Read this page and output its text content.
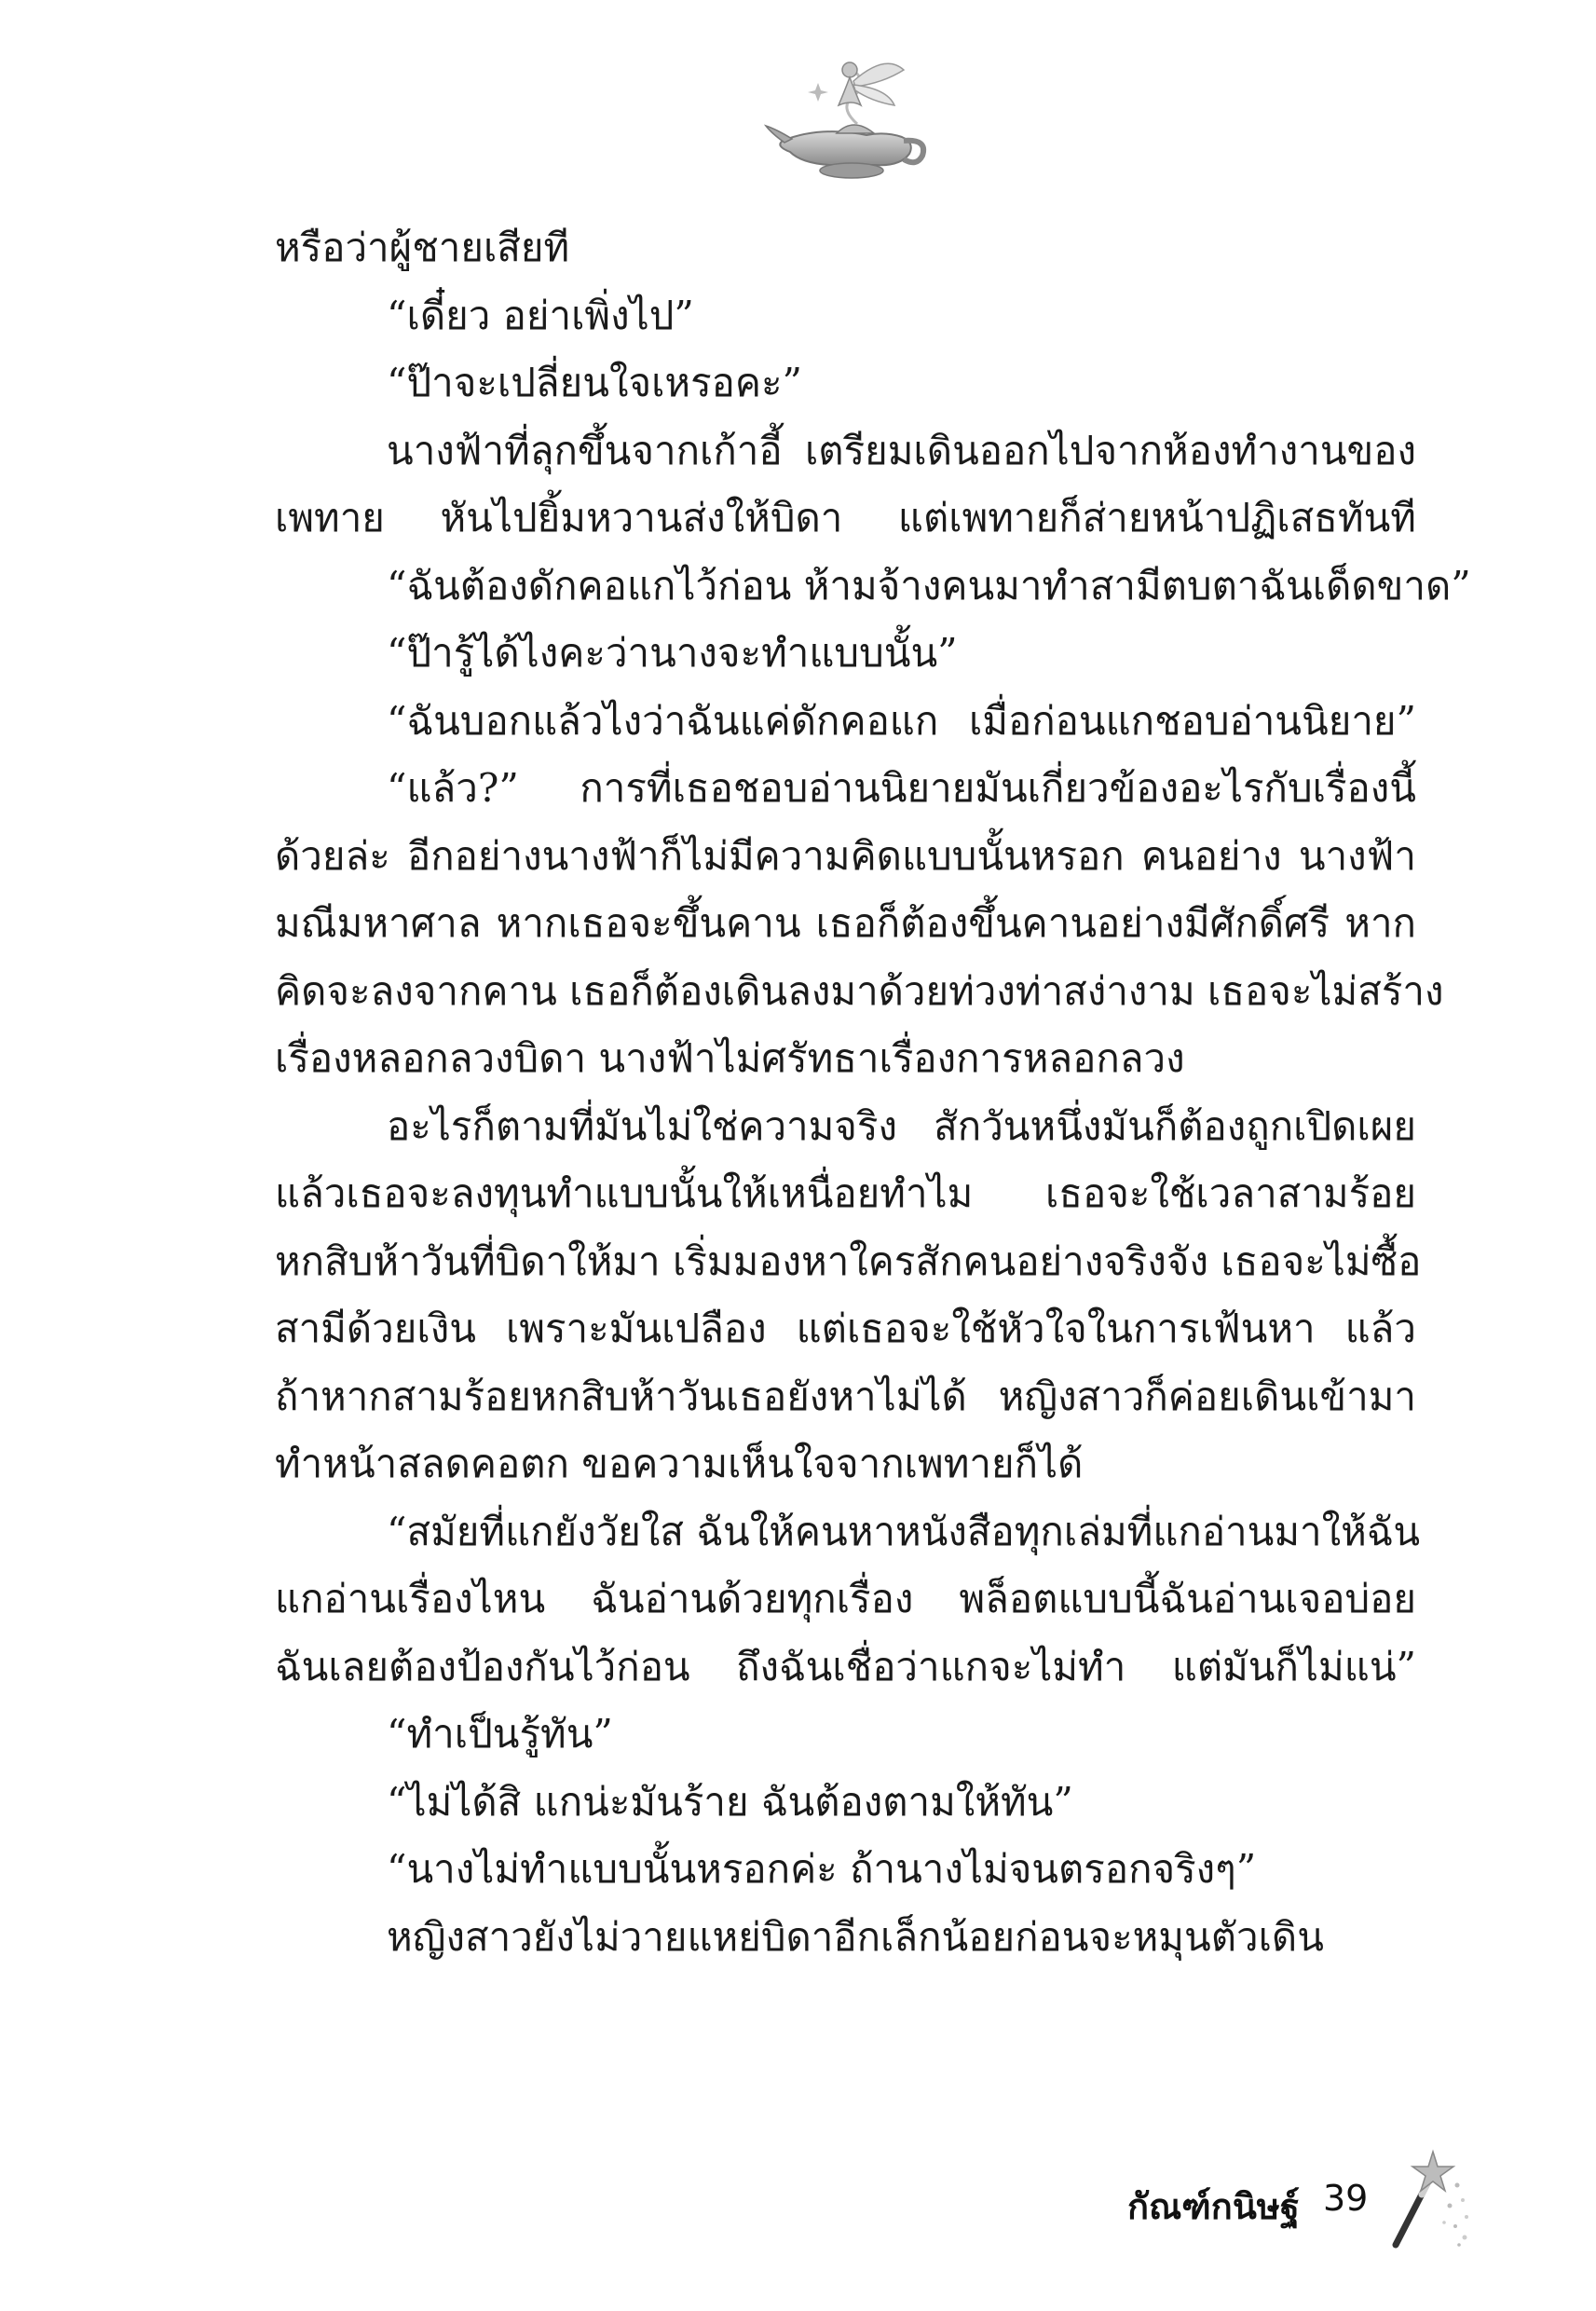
หรือว่าผู้ชายเสียที
“เดี๋ยว อย่าเพิ่งไป”
“ป๊าจะเปลี่ยนใจเหรอคะ”
นางฟ้าที่ลุกขึ้นจากเก้าอี้ เตรียมเดินออกไปจากห้องทำงานของ
เพทาย หันไปยิ้มหวานส่งให้บิดา แต่เพทายก็ส่ายหน้าปฏิเสธทันที
“ฉันต้องดักคอแกไว้ก่อน ห้ามจ้างคนมาทำสามีตบตาฉันเด็ดขาด”
“ป๊ารู้ได้ไงคะว่านางจะทำแบบนั้น”
“ฉันบอกแล้วไงว่าฉันแค่ดักคอแก เมื่อก่อนแกชอบอ่านนิยาย”
“แล้ว?” การที่เธอชอบอ่านนิยายมันเกี่ยวข้องอะไรกับเรื่องนี้
ด้วยล่ะ อีกอย่างนางฟ้าก็ไม่มีความคิดแบบนั้นหรอก คนอย่าง นางฟ้า
มณีมหาศาล หากเธอจะขึ้นคาน เธอก็ต้องขึ้นคานอย่างมีศักดิ์ศรี หาก
คิดจะลงจากคาน เธอก็ต้องเดินลงมาด้วยท่วงท่าสง่างาม เธอจะไม่สร้าง
เรื่องหลอกลวงบิดา นางฟ้าไม่ศรัทธาเรื่องการหลอกลวง
อะไรก็ตามที่มันไม่ใช่ความจริง สักวันหนึ่งมันก็ต้องถูกเปิดเผย
แล้วเธอจะลงทุนทำแบบนั้นให้เหนื่อยทำไม เธอจะใช้เวลาสามร้อย
หกสิบห้าวันที่บิดาให้มา เริ่มมองหาใครสักคนอย่างจริงจัง เธอจะไม่ซื้อ
สามีด้วยเงิน เพราะมันเปลือง แต่เธอจะใช้หัวใจในการเฟ้นหา แล้ว
ถ้าหากสามร้อยหกสิบห้าวันเธอยังหาไม่ได้ หญิงสาวก็ค่อยเดินเข้ามา
ทำหน้าสลดคอตก ขอความเห็นใจจากเพทายก็ได้
“สมัยที่แกยังวัยใส ฉันให้คนหาหนังสือทุกเล่มที่แกอ่านมาให้ฉัน
แกอ่านเรื่องไหน ฉันอ่านด้วยทุกเรื่อง พล็อตแบบนี้ฉันอ่านเจอบ่อย
ฉันเลยต้องป้องกันไว้ก่อน ถึงฉันเชื่อว่าแกจะไม่ทำ แต่มันก็ไม่แน่”
“ทำเป็นรู้ทัน”
“ไม่ได้สิ แกน่ะมันร้าย ฉันต้องตามให้ทัน”
“นางไม่ทำแบบนั้นหรอกค่ะ ถ้านางไม่จนตรอกจริงๆ”
หญิงสาวยังไม่วายแหย่บิดาอีกเล็กน้อยก่อนจะหมุนตัวเดิน
กัณฑ์กนิษฐ์ 39
